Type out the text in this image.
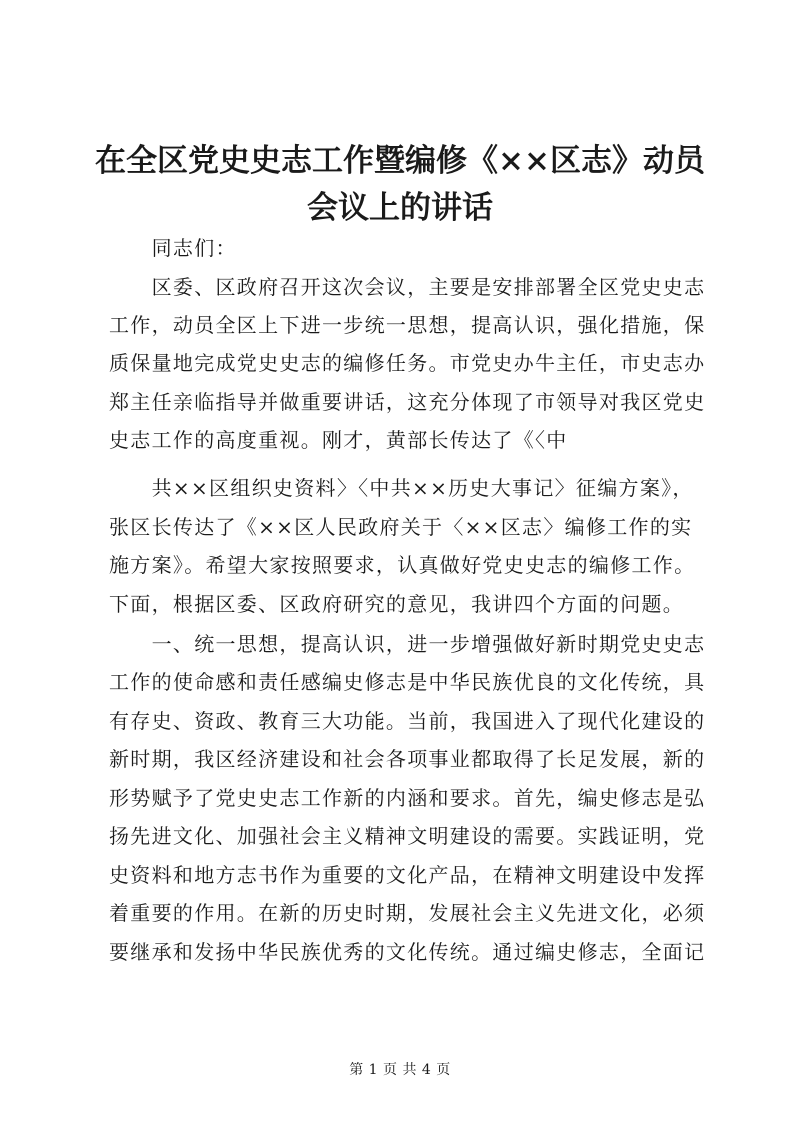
在全区党史史志工作暨编修《××区志》动员
会议上的讲话
　　同志们：
　　区委、区政府召开这次会议，主要是安排部署全区党史史志
工作，动员全区上下进一步统一思想，提高认识，强化措施，保
质保量地完成党史史志的编修任务。市党史办牛主任，市史志办
郑主任亲临指导并做重要讲话，这充分体现了市领导对我区党史
史志工作的高度重视。刚才，黄部长传达了《〈中
　　共××区组织史资料〉〈中共××历史大事记〉征编方案》，
张区长传达了《××区人民政府关于〈××区志〉编修工作的实
施方案》。希望大家按照要求，认真做好党史史志的编修工作。
下面，根据区委、区政府研究的意见，我讲四个方面的问题。
　　一、统一思想，提高认识，进一步增强做好新时期党史史志
工作的使命感和责任感编史修志是中华民族优良的文化传统，具
有存史、资政、教育三大功能。当前，我国进入了现代化建设的
新时期，我区经济建设和社会各项事业都取得了长足发展，新的
形势赋予了党史史志工作新的内涵和要求。首先，编史修志是弘
扬先进文化、加强社会主义精神文明建设的需要。实践证明，党
史资料和地方志书作为重要的文化产品，在精神文明建设中发挥
着重要的作用。在新的历史时期，发展社会主义先进文化，必须
要继承和发扬中华民族优秀的文化传统。通过编史修志，全面记
第 1 页 共 4 页
